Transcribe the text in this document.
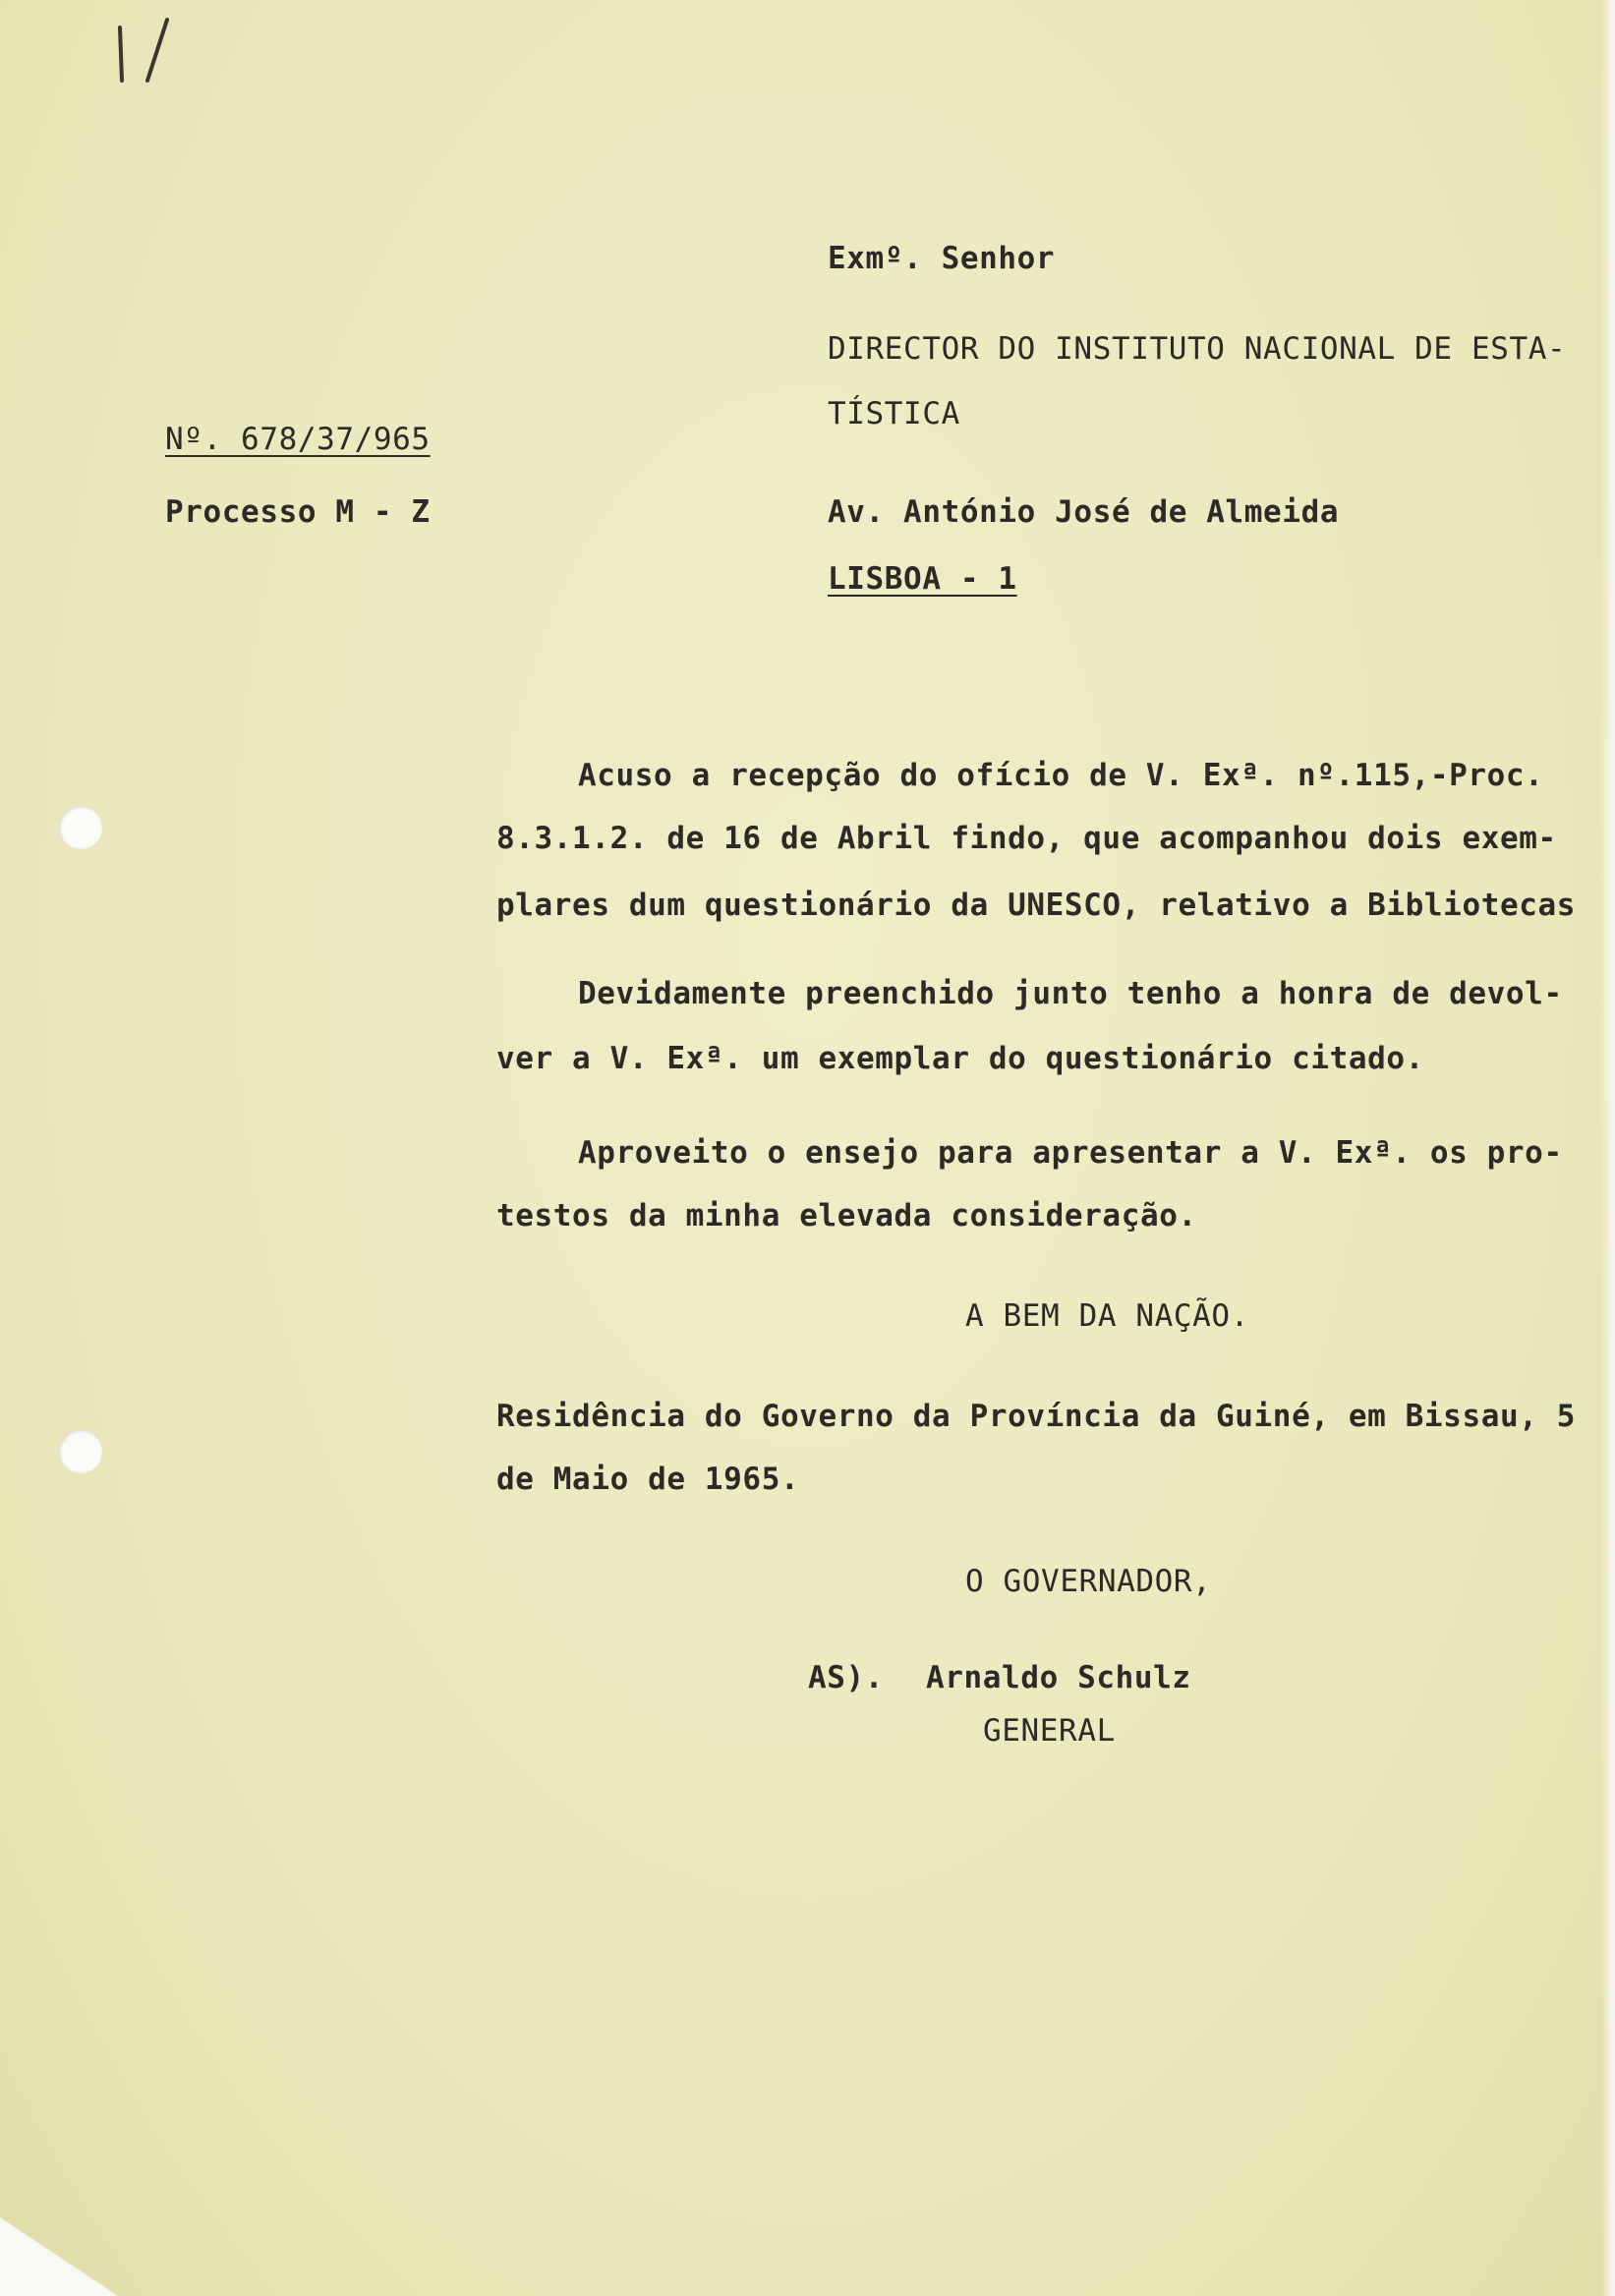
Exmº. Senhor

DIRECTOR DO INSTITUTO NACIONAL DE ESTA-

TÍSTICA

Av. António José de Almeida

LISBOA - 1

Nº. 678/37/965

Processo M - Z

Acuso a recepção do ofício de V. Exª. nº.115,-Proc.

8.3.1.2. de 16 de Abril findo, que acompanhou dois exem-

plares dum questionário da UNESCO, relativo a Bibliotecas

Devidamente preenchido junto tenho a honra de devol-

ver a V. Exª. um exemplar do questionário citado.

Aproveito o ensejo para apresentar a V. Exª. os pro-

testos da minha elevada consideração.

A BEM DA NAÇÃO.

Residência do Governo da Província da Guiné, em Bissau, 5

de Maio de 1965.

O GOVERNADOR,

AS). Arnaldo Schulz

GENERAL
